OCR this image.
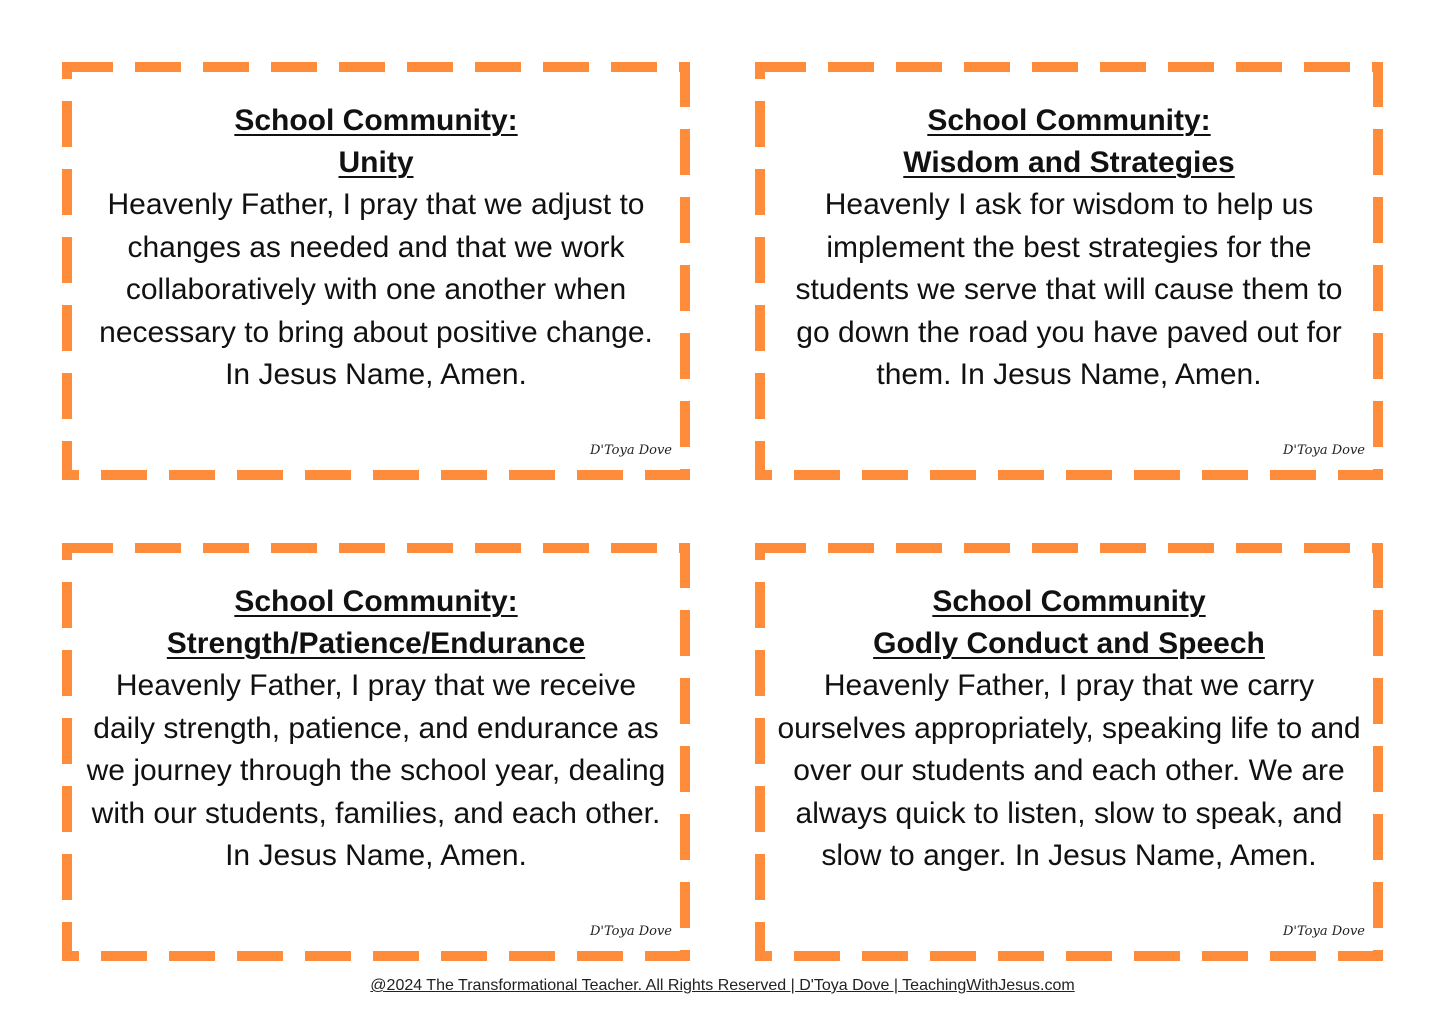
School Community:

Unity

Heavenly Father, I pray that we adjust to changes as needed and that we work collaboratively with one another when necessary to bring about positive change. In Jesus Name, Amen.

D'Toya Dove

School Community:

Wisdom and Strategies

Heavenly I ask for wisdom to help us implement the best strategies for the students we serve that will cause them to go down the road you have paved out for them. In Jesus Name, Amen.

D'Toya Dove

School Community:

Strength/Patience/Endurance

Heavenly Father, I pray that we receive daily strength, patience, and endurance as we journey through the school year, dealing with our students, families, and each other. In Jesus Name, Amen.

D'Toya Dove

School Community

Godly Conduct and Speech

Heavenly Father, I pray that we carry ourselves appropriately, speaking life to and over our students and each other. We are always quick to listen, slow to speak, and slow to anger. In Jesus Name, Amen.

D'Toya Dove
@2024 The Transformational Teacher. All Rights Reserved | D'Toya Dove | TeachingWithJesus.com
